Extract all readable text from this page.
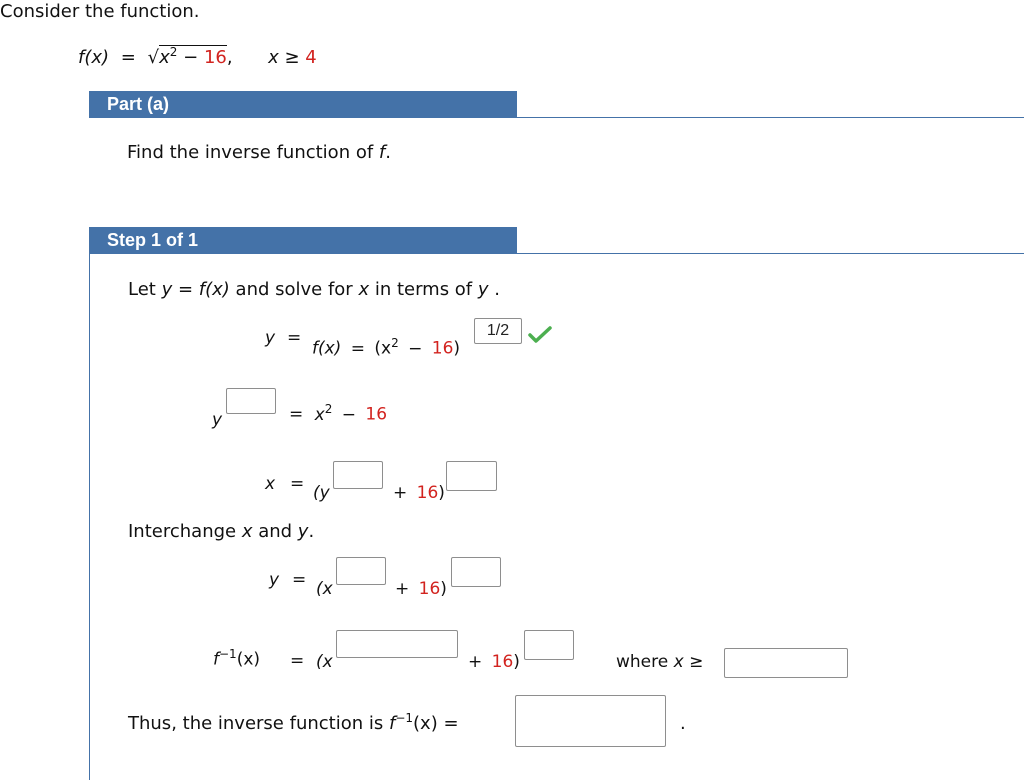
Consider the function.
$f(x) = √x^2 - 16$, x ≥ 4
Part (a)
Find the inverse function of f.
Step 1 of 1
Let y = f(x) and solve for x in terms of y .
y =
$f(x) = (x^2 - 16)$
1/2
y	= $x^2 - 16$
x = (y	+ 16)
Interchange x and y.
y = (x	+ 16)
$f^{-1}(x) = (x$	+ 16)	where x ≥
Thus, the inverse function is $f^{-1}(x)$ =	.
